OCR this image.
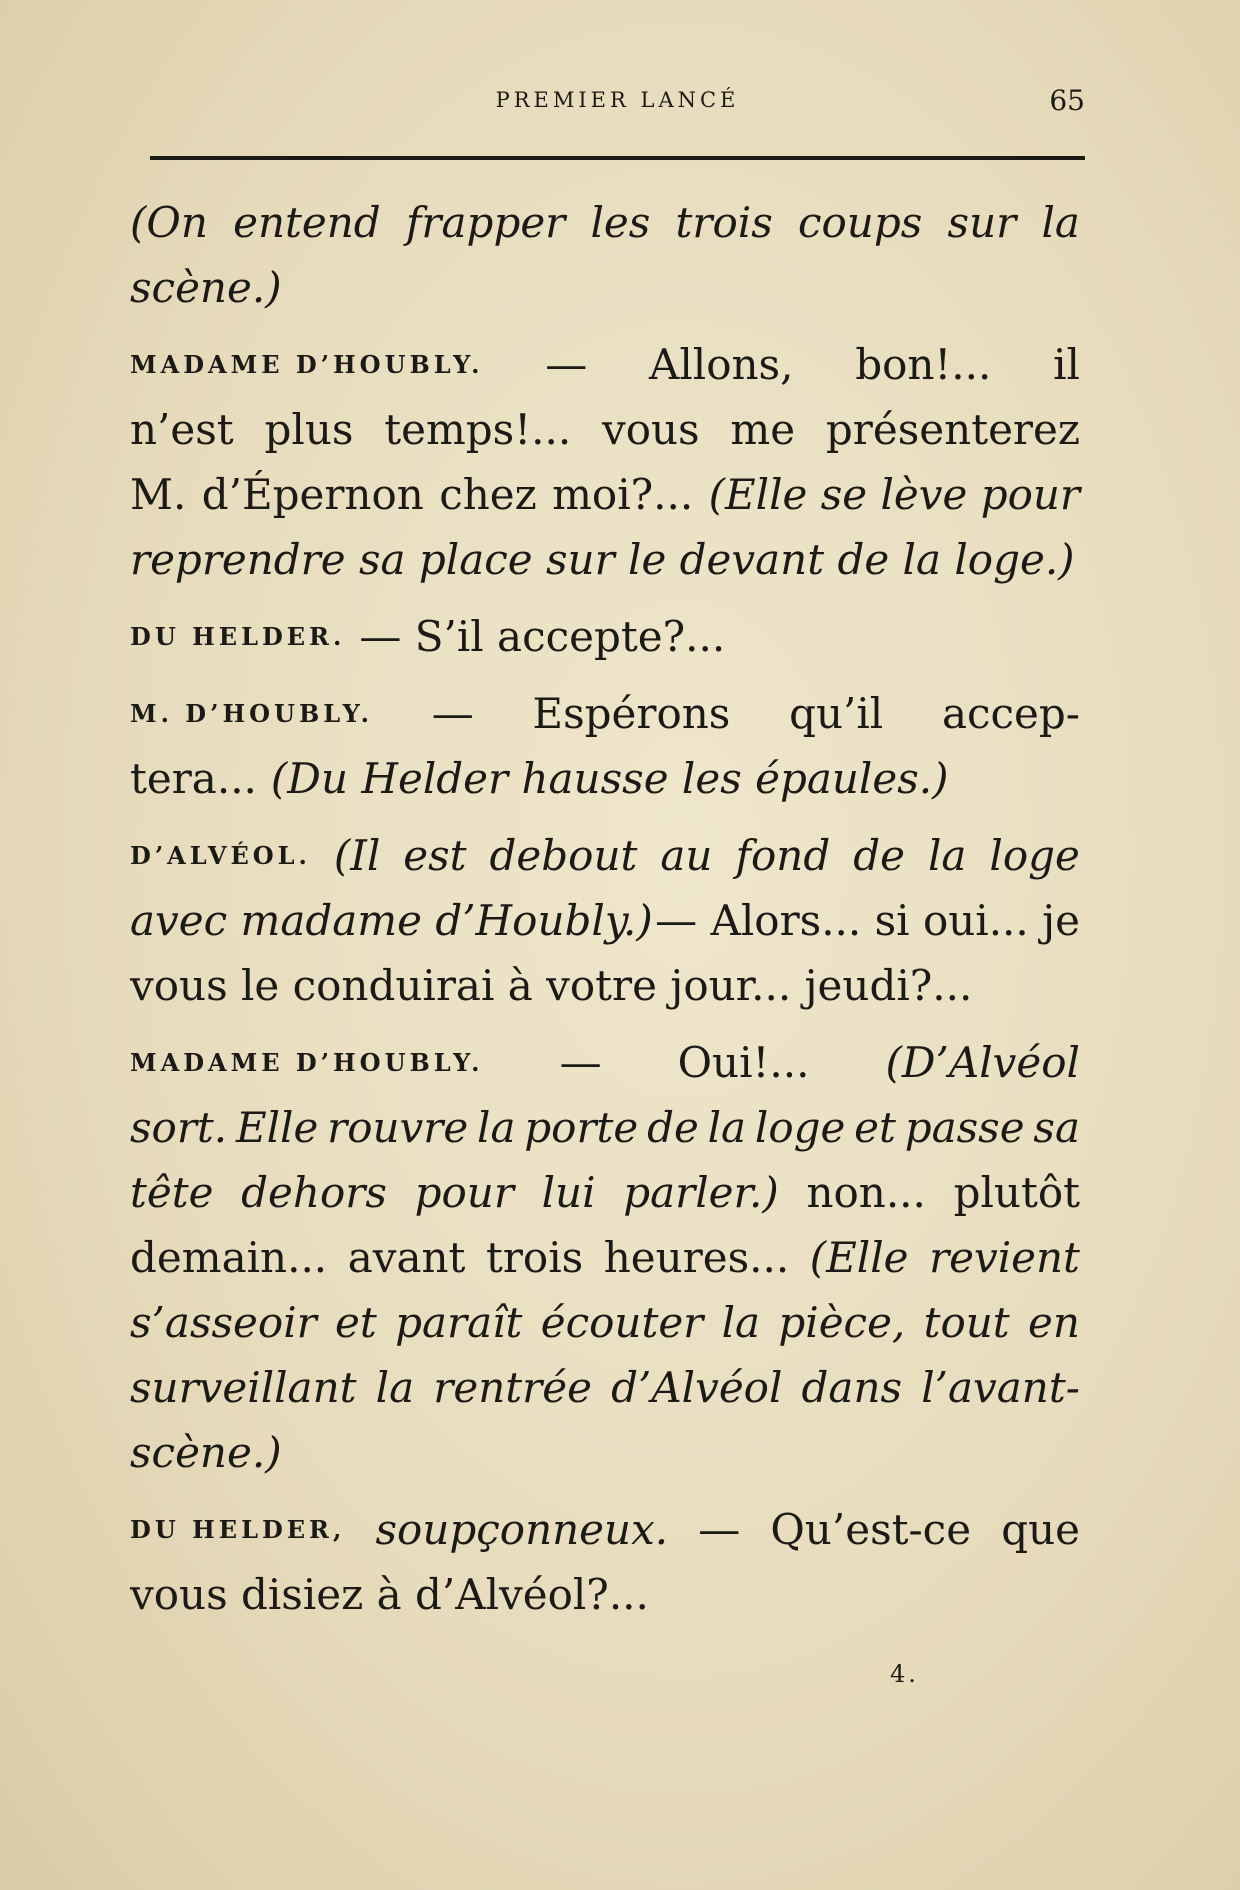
PREMIER LANCÉ	65
(On entend frapper les trois coups sur la
scène.)
MADAME D’HOUBLY. — Allons, bon!... il
n’est plus temps!... vous me présenterez
M. d’Épernon chez moi?... (Elle se lève pour
reprendre sa place sur le devant de la loge.)
DU HELDER. — S’il accepte?...
M. D’HOUBLY. — Espérons qu’il accep-
tera... (Du Helder hausse les épaules.)
D’ALVÉOL. (Il est debout au fond de la loge
avec madame d’Houbly.) — Alors... si oui... je
vous le conduirai à votre jour... jeudi?...
MADAME D’HOUBLY. — Oui!... (D’Alvéol
sort. Elle rouvre la porte de la loge et passe sa
tête dehors pour lui parler.) non... plutôt
demain... avant trois heures... (Elle revient
s’asseoir et paraît écouter la pièce, tout en
surveillant la rentrée d’Alvéol dans l’avant-
scène.)
DU HELDER, soupçonneux. — Qu’est-ce que
vous disiez à d’Alvéol?...
4.
